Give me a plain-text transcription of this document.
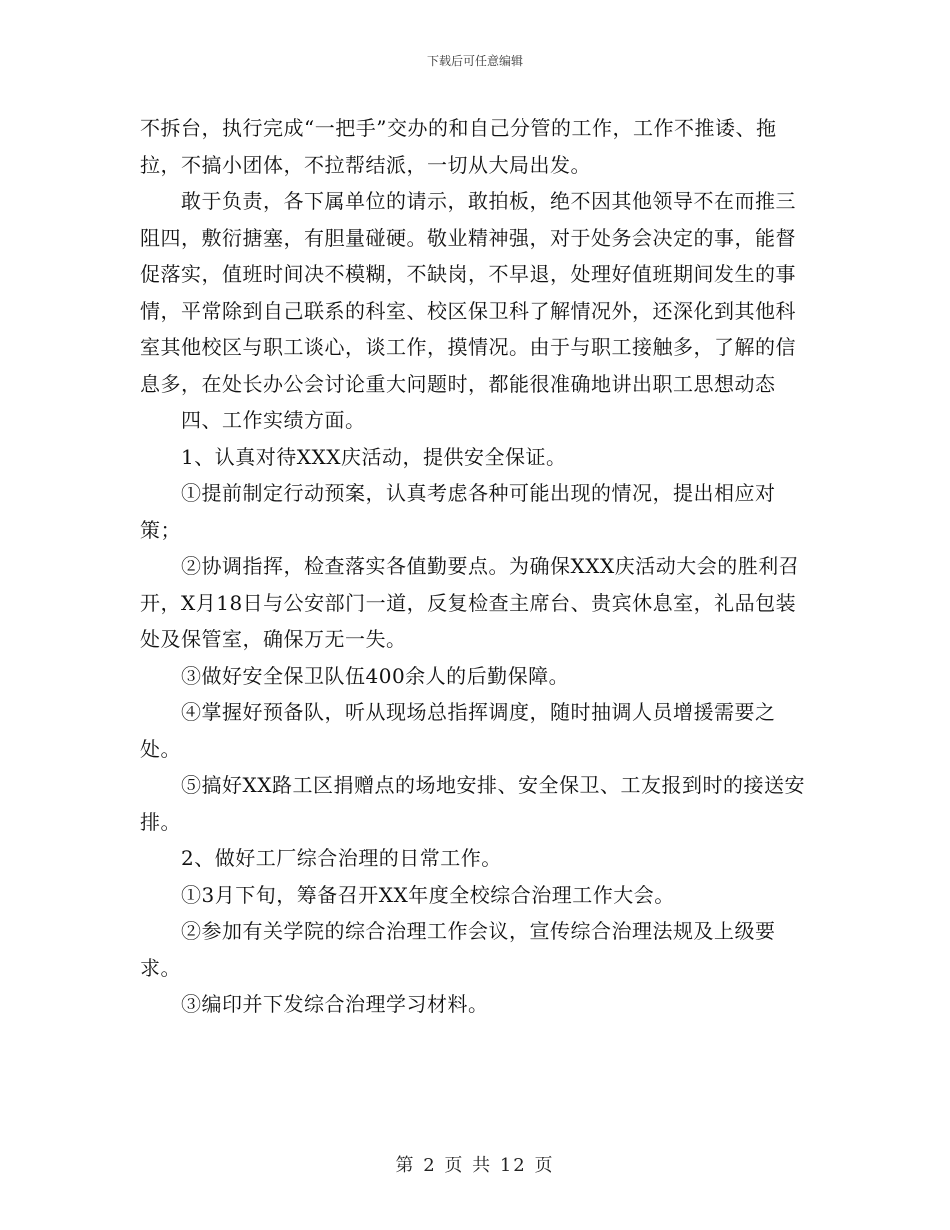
下载后可任意编辑

不拆台，执行完成“一把手”交办的和自己分管的工作，工作不推诿、拖拉，不搞小团体，不拉帮结派，一切从大局出发。

敢于负责，各下属单位的请示，敢拍板，绝不因其他领导不在而推三阻四，敷衍搪塞，有胆量碰硬。敬业精神强，对于处务会决定的事，能督促落实，值班时间决不模糊，不缺岗，不早退，处理好值班期间发生的事情，平常除到自己联系的科室、校区保卫科了解情况外，还深化到其他科室其他校区与职工谈心，谈工作，摸情况。由于与职工接触多，了解的信息多，在处长办公会讨论重大问题时，都能很准确地讲出职工思想动态

四、工作实绩方面。

1、认真对待XXX庆活动，提供安全保证。

①提前制定行动预案，认真考虑各种可能出现的情况，提出相应对策；

②协调指挥，检查落实各值勤要点。为确保XXX庆活动大会的胜利召开，X月18日与公安部门一道，反复检查主席台、贵宾休息室，礼品包装处及保管室，确保万无一失。

③做好安全保卫队伍400余人的后勤保障。

④掌握好预备队，听从现场总指挥调度，随时抽调人员增援需要之处。

⑤搞好XX路工区捐赠点的场地安排、安全保卫、工友报到时的接送安排。

2、做好工厂综合治理的日常工作。

①3月下旬，筹备召开XX年度全校综合治理工作大会。

②参加有关学院的综合治理工作会议，宣传综合治理法规及上级要求。

③编印并下发综合治理学习材料。

第 2 页 共 12 页
